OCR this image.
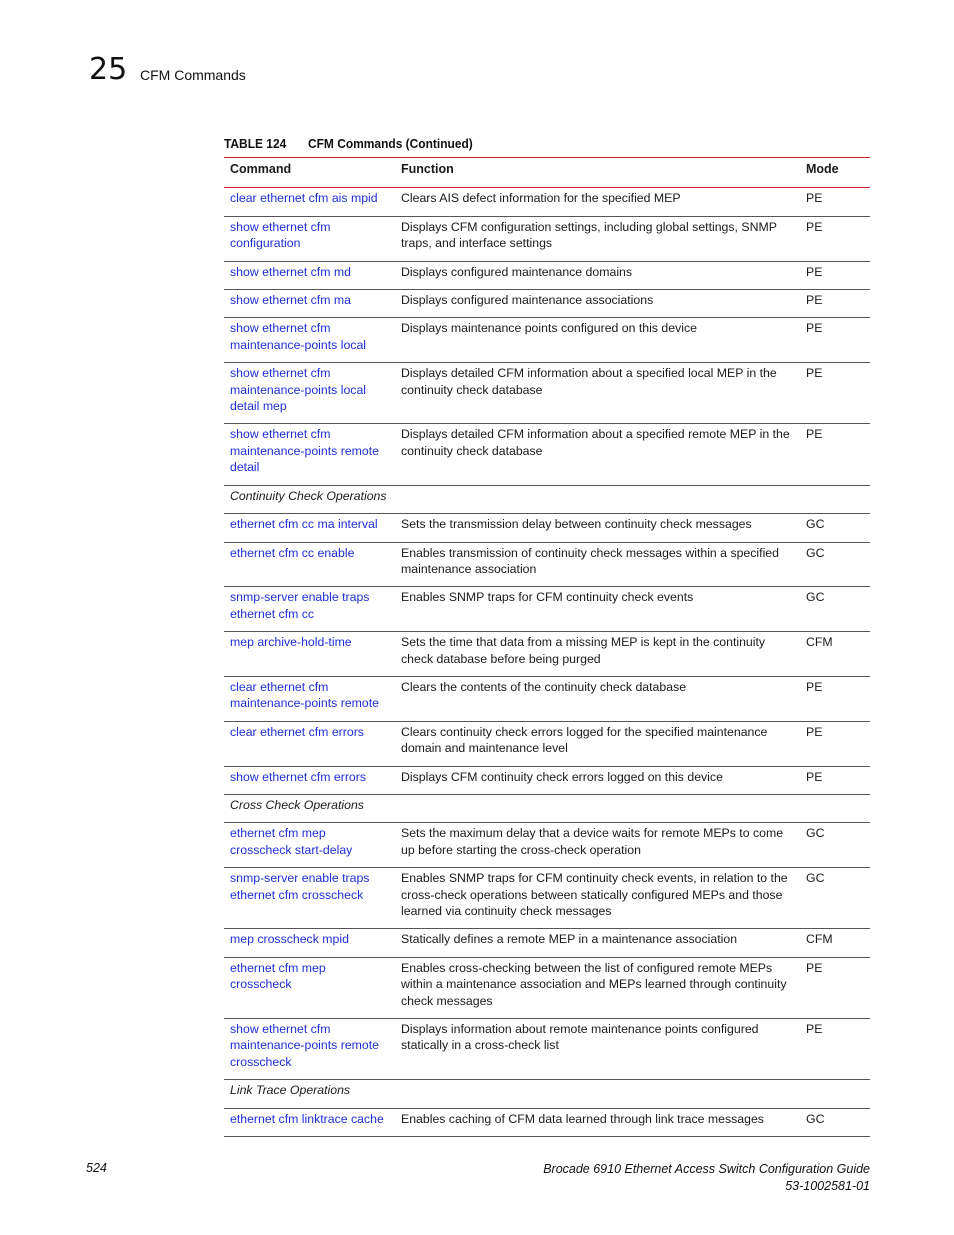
25 CFM Commands
TABLE 124 CFM Commands (Continued)
Command	Function	Mode
clear ethernet cfm ais mpid	Clears AIS defect information for the specified MEP	PE
show ethernet cfm configuration	Displays CFM configuration settings, including global settings, SNMP traps, and interface settings	PE
show ethernet cfm md	Displays configured maintenance domains	PE
show ethernet cfm ma	Displays configured maintenance associations	PE
show ethernet cfm maintenance-points local	Displays maintenance points configured on this device	PE
show ethernet cfm maintenance-points local detail mep	Displays detailed CFM information about a specified local MEP in the continuity check database	PE
show ethernet cfm maintenance-points remote detail	Displays detailed CFM information about a specified remote MEP in the continuity check database	PE
Continuity Check Operations		
ethernet cfm cc ma interval	Sets the transmission delay between continuity check messages	GC
ethernet cfm cc enable	Enables transmission of continuity check messages within a specified maintenance association	GC
snmp-server enable traps ethernet cfm cc	Enables SNMP traps for CFM continuity check events	GC
mep archive-hold-time	Sets the time that data from a missing MEP is kept in the continuity check database before being purged	CFM
clear ethernet cfm maintenance-points remote	Clears the contents of the continuity check database	PE
clear ethernet cfm errors	Clears continuity check errors logged for the specified maintenance domain and maintenance level	PE
show ethernet cfm errors	Displays CFM continuity check errors logged on this device	PE
Cross Check Operations		
ethernet cfm mep crosscheck start-delay	Sets the maximum delay that a device waits for remote MEPs to come up before starting the cross-check operation	GC
snmp-server enable traps ethernet cfm crosscheck	Enables SNMP traps for CFM continuity check events, in relation to the cross-check operations between statically configured MEPs and those learned via continuity check messages	GC
mep crosscheck mpid	Statically defines a remote MEP in a maintenance association	CFM
ethernet cfm mep crosscheck	Enables cross-checking between the list of configured remote MEPs within a maintenance association and MEPs learned through continuity check messages	PE
show ethernet cfm maintenance-points remote crosscheck	Displays information about remote maintenance points configured statically in a cross-check list	PE
Link Trace Operations		
ethernet cfm linktrace cache	Enables caching of CFM data learned through link trace messages	GC
524	Brocade 6910 Ethernet Access Switch Configuration Guide
53-1002581-01
